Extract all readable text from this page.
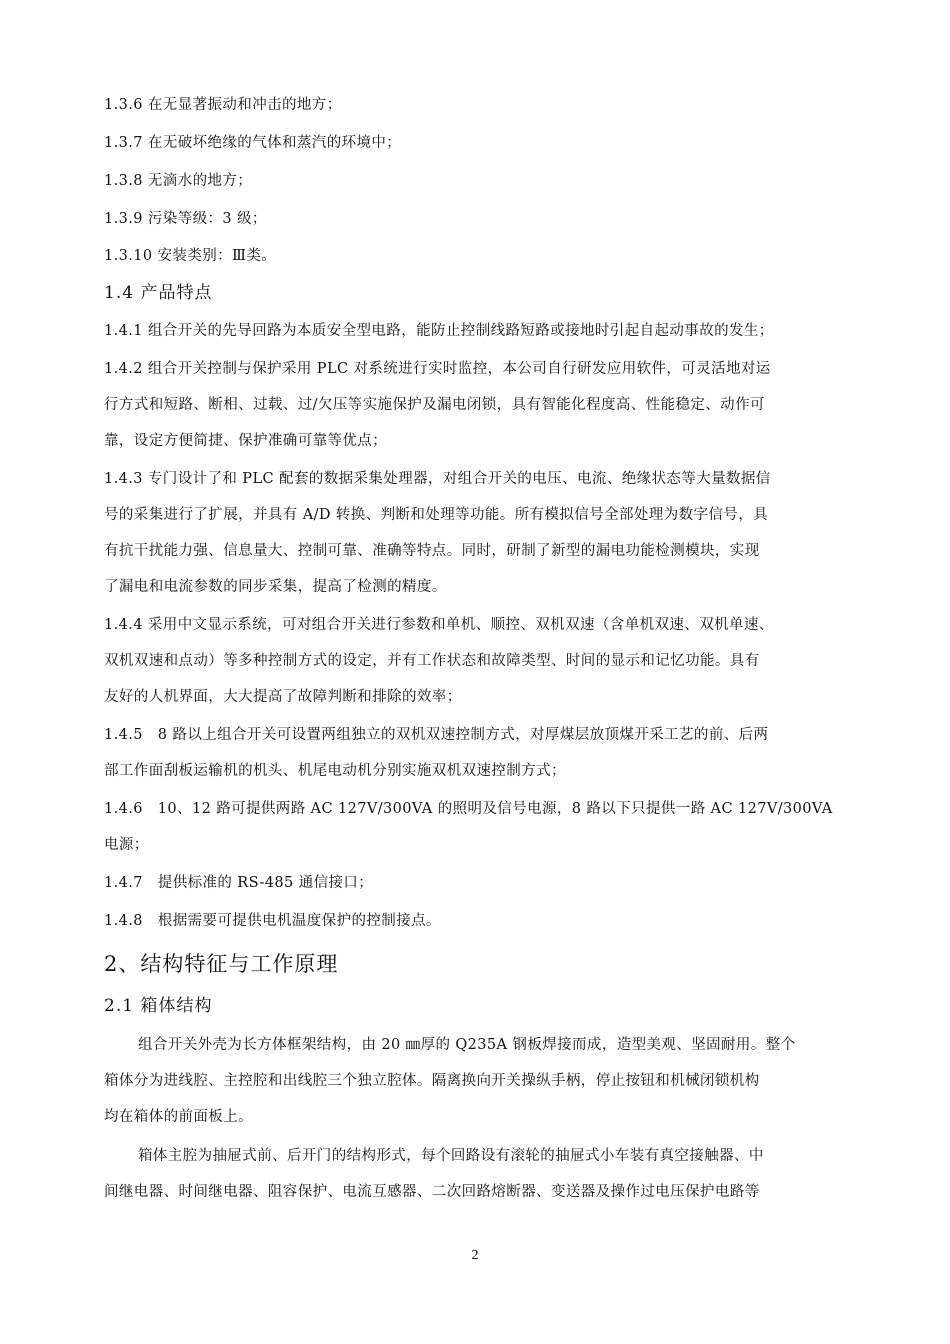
1.3.6 在无显著振动和冲击的地方；

1.3.7 在无破坏绝缘的气体和蒸汽的环境中；

1.3.8 无滴水的地方；

1.3.9 污染等级：3 级；

1.3.10 安装类别：Ⅲ类。

1.4 产品特点

1.4.1 组合开关的先导回路为本质安全型电路，能防止控制线路短路或接地时引起自起动事故的发生；

1.4.2 组合开关控制与保护采用 PLC 对系统进行实时监控，本公司自行研发应用软件，可灵活地对运

行方式和短路、断相、过载、过/欠压等实施保护及漏电闭锁，具有智能化程度高、性能稳定、动作可

靠，设定方便简捷、保护准确可靠等优点；

1.4.3 专门设计了和 PLC 配套的数据采集处理器，对组合开关的电压、电流、绝缘状态等大量数据信

号的采集进行了扩展，并具有 A/D 转换、判断和处理等功能。所有模拟信号全部处理为数字信号，具

有抗干扰能力强、信息量大、控制可靠、准确等特点。同时，研制了新型的漏电功能检测模块，实现

了漏电和电流参数的同步采集，提高了检测的精度。

1.4.4 采用中文显示系统，可对组合开关进行参数和单机、顺控、双机双速（含单机双速、双机单速、

双机双速和点动）等多种控制方式的设定，并有工作状态和故障类型、时间的显示和记忆功能。具有

友好的人机界面，大大提高了故障判断和排除的效率；

1.4.5　8 路以上组合开关可设置两组独立的双机双速控制方式，对厚煤层放顶煤开采工艺的前、后两

部工作面刮板运输机的机头、机尾电动机分别实施双机双速控制方式；

1.4.6　10、12 路可提供两路 AC 127V/300VA 的照明及信号电源，8 路以下只提供一路 AC 127V/300VA

电源；

1.4.7　提供标准的 RS-485 通信接口；

1.4.8　根据需要可提供电机温度保护的控制接点。

2、结构特征与工作原理

2.1 箱体结构

组合开关外壳为长方体框架结构，由 20 ㎜厚的 Q235A 钢板焊接而成，造型美观、坚固耐用。整个

箱体分为进线腔、主控腔和出线腔三个独立腔体。隔离换向开关操纵手柄，停止按钮和机械闭锁机构

均在箱体的前面板上。

箱体主腔为抽屉式前、后开门的结构形式，每个回路设有滚轮的抽屉式小车装有真空接触器、中

间继电器、时间继电器、阻容保护、电流互感器、二次回路熔断器、变送器及操作过电压保护电路等

2
